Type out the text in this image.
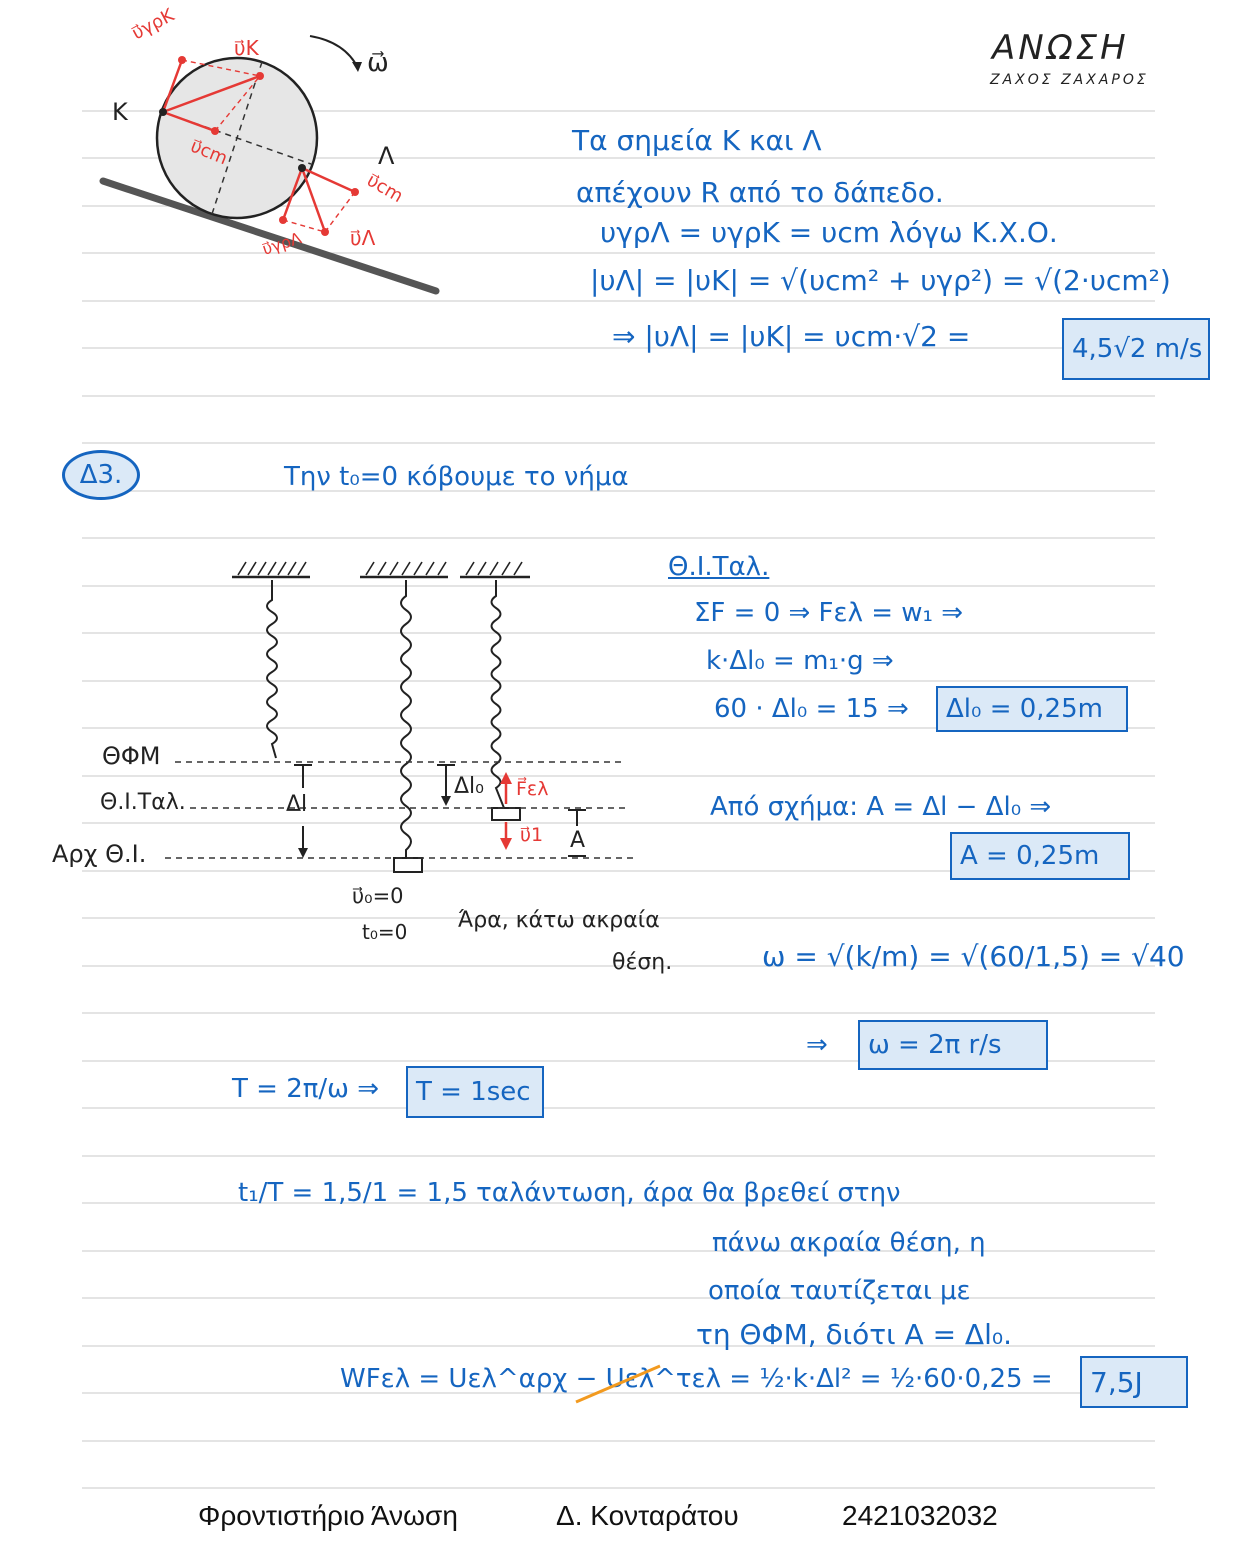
ΑΝΩΣΗ
ΖΑΧΟΣ ΖΑΧΑΡΟΣ
K
Λ
ω⃗
υ⃗γρK
υ⃗K
υ⃗cm
υ⃗cm
υ⃗Λ
υ⃗γρΛ
Τα σημεία K και Λ
απέχουν R από το δάπεδο.
υγρΛ = υγρK = υcm λόγω Κ.Χ.Ο.
|υΛ| = |υK| = √(υcm² + υγρ²) = √(2·υcm²)
⇒ |υΛ| = |υK| = υcm·√2 =	4,5√2 m/s
Δ3.	Την t₀=0 κόβουμε το νήμα
ΘΦΜ
Θ.Ι.Ταλ.
Αρχ Θ.Ι.
Δl
Δl₀ F⃗ελ
υ⃗1 A
υ⃗₀=0
t₀=0 Άρα, κάτω ακραία
θέση.
Θ.Ι.Ταλ.
ΣF = 0 ⇒ Fελ = w₁ ⇒
k·Δl₀ = m₁·g ⇒
60 · Δl₀ = 15 ⇒	Δl₀ = 0,25m
Από σχήμα: A = Δl − Δl₀ ⇒
A = 0,25m
ω = √(k/m) = √(60/1,5) = √40
⇒	ω = 2π r/s
T = 2π/ω ⇒	T = 1sec
t₁/T = 1,5/1 = 1,5 ταλάντωση, άρα θα βρεθεί στην
πάνω ακραία θέση, η
οποία ταυτίζεται με
τη ΘΦΜ, διότι A = Δl₀.
WFελ = Uελ^αρχ − Uελ^τελ = ½·k·Δl² = ½·60·0,25 =	7,5J
Φροντιστήριο Άνωση	Δ. Κονταράτου	2421032032
